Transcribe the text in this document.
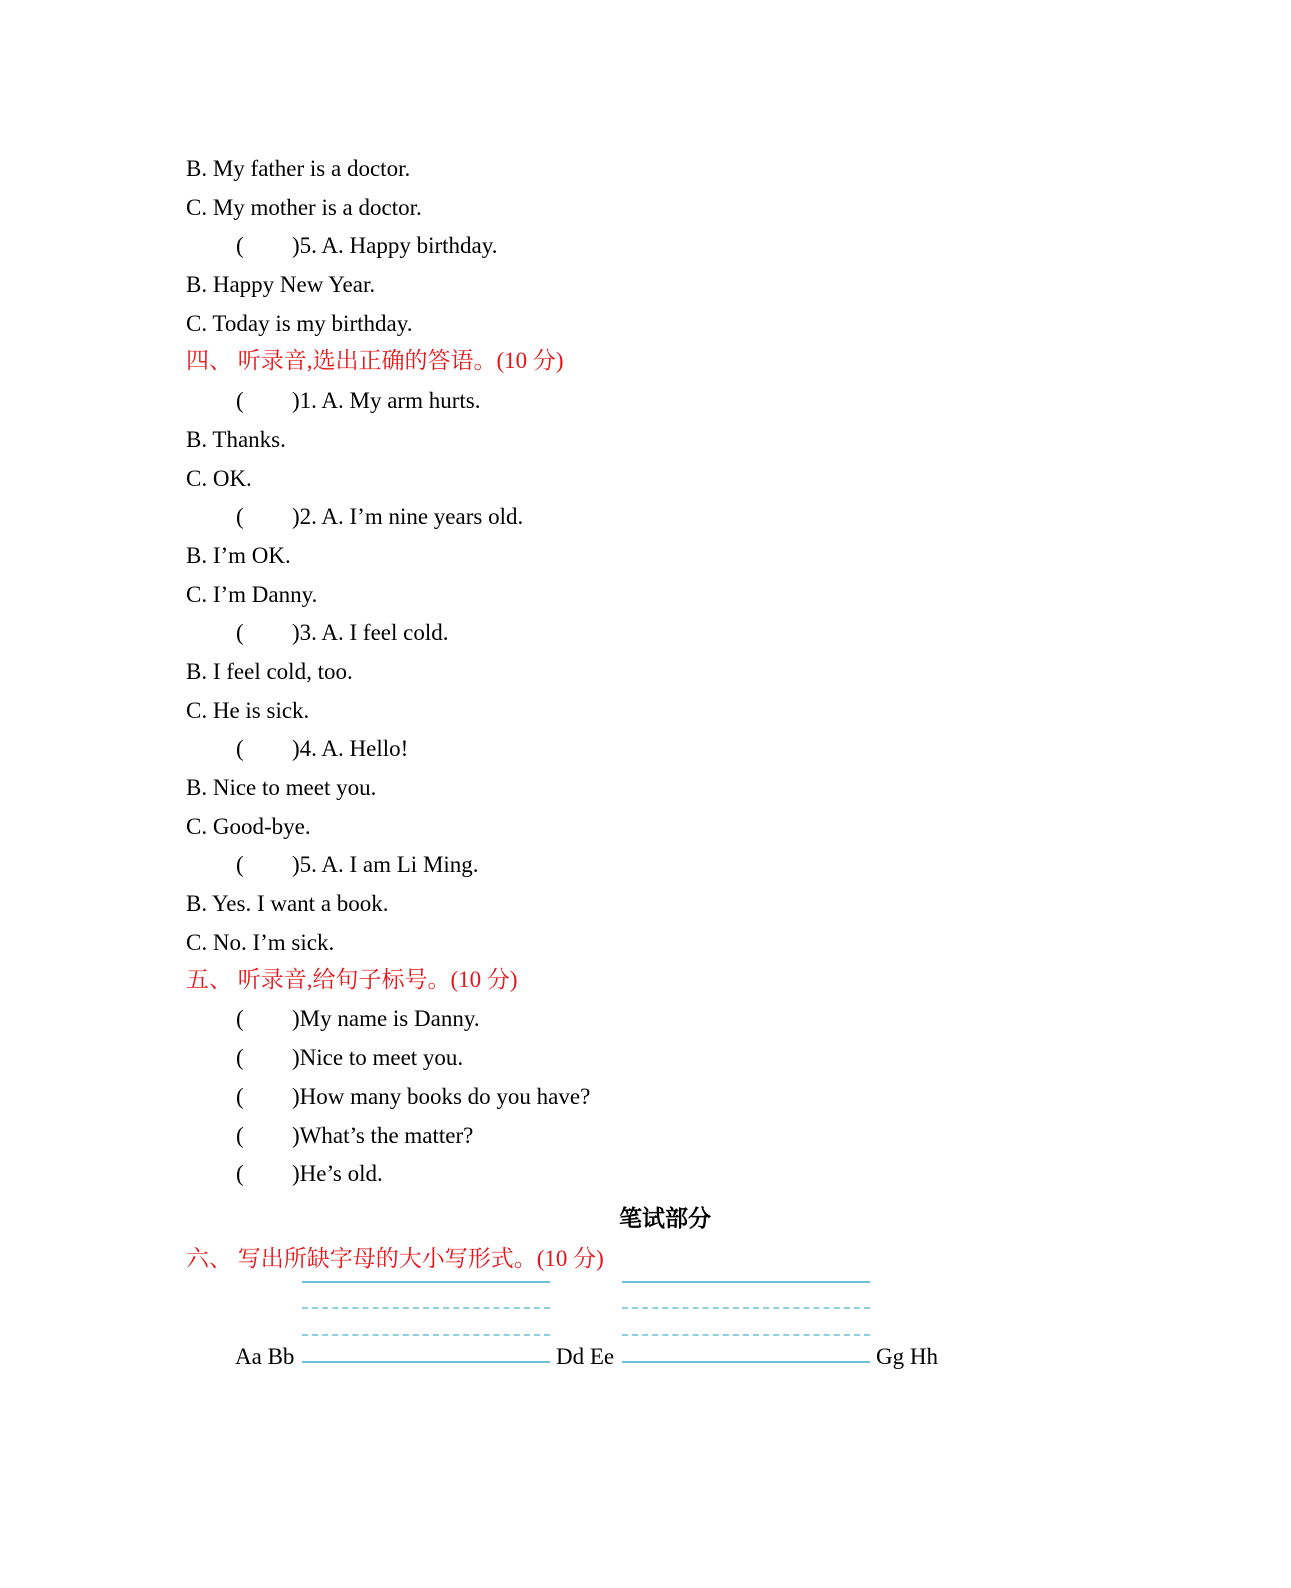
B. My father is a doctor.
C. My mother is a doctor.
( )5. A. Happy birthday.
B. Happy New Year.
C. Today is my birthday.
四、 听录音,选出正确的答语。(10 分)
( )1. A. My arm hurts.
B. Thanks.
C. OK.
( )2. A. I’m nine years old.
B. I’m OK.
C. I’m Danny.
( )3. A. I feel cold.
B. I feel cold, too.
C. He is sick.
( )4. A. Hello!
B. Nice to meet you.
C. Good-bye.
( )5. A. I am Li Ming.
B. Yes. I want a book.
C. No. I’m sick.
五、 听录音,给句子标号。(10 分)
( )My name is Danny.
( )Nice to meet you.
( )How many books do you have?
( )What’s the matter?
( )He’s old.
笔试部分
六、 写出所缺字母的大小写形式。(10 分)
Aa Bb	Dd Ee	Gg Hh
